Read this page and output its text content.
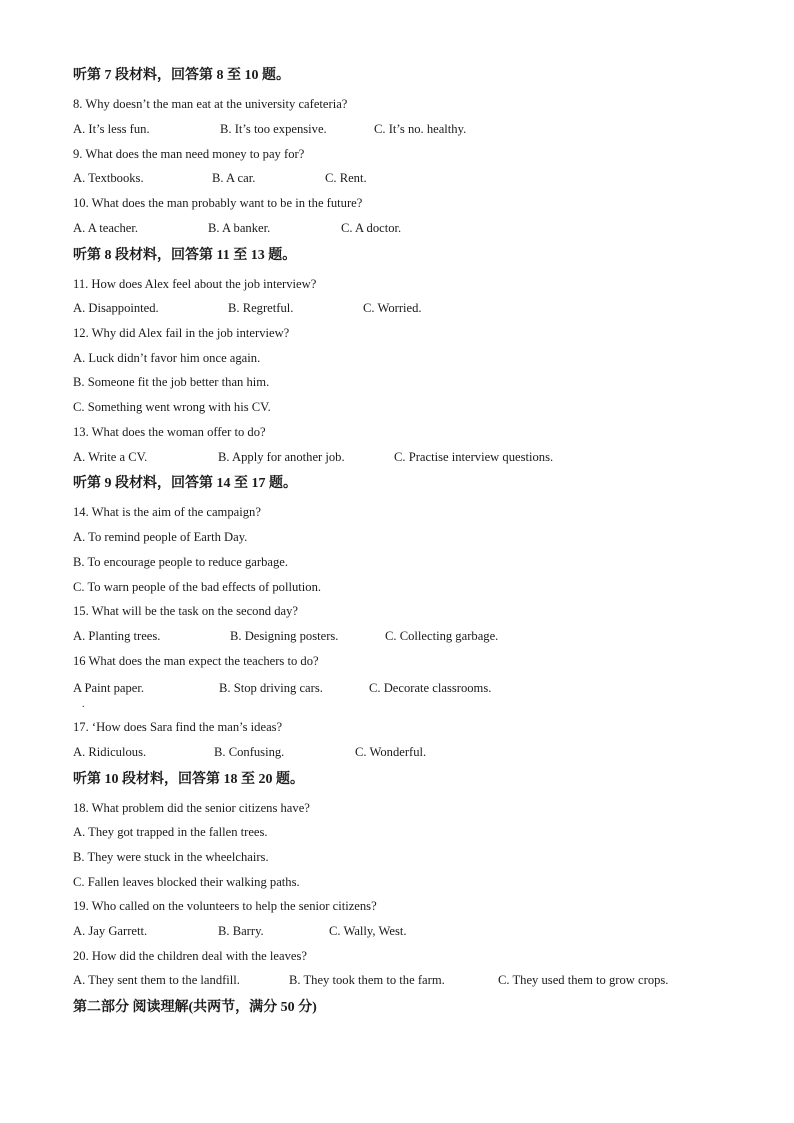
听第 7 段材料，回答第 8 至 10 题。
8. Why doesn’t the man eat at the university cafeteria?
A. It’s less fun.	B. It’s too expensive.	C. It’s no. healthy.
9. What does the man need money to pay for?
A. Textbooks.	B. A car.	C. Rent.
10. What does the man probably want to be in the future?
A. A teacher.	B. A banker.	C. A doctor.
听第 8 段材料，回答第 11 至 13 题。
11. How does Alex feel about the job interview?
A. Disappointed.	B. Regretful.	C. Worried.
12. Why did Alex fail in the job interview?
A. Luck didn’t favor him once again.
B. Someone fit the job better than him.
C. Something went wrong with his CV.
13. What does the woman offer to do?
A. Write a CV.	B. Apply for another job.	C. Practise interview questions.
听第 9 段材料，回答第 14 至 17 题。
14. What is the aim of the campaign?
A. To remind people of Earth Day.
B. To encourage people to reduce garbage.
C. To warn people of the bad effects of pollution.
15. What will be the task on the second day?
A. Planting trees.	B. Designing posters.	C. Collecting garbage.
16 What does the man expect the teachers to do?
A Paint paper.	B. Stop driving cars.	C. Decorate classrooms.
.
17. ‘How does Sara find the man’s ideas?
A. Ridiculous.	B. Confusing.	C. Wonderful.
听第 10 段材料，回答第 18 至 20 题。
18. What problem did the senior citizens have?
A. They got trapped in the fallen trees.
B. They were stuck in the wheelchairs.
C. Fallen leaves blocked their walking paths.
19. Who called on the volunteers to help the senior citizens?
A. Jay Garrett.	B. Barry.	C. Wally, West.
20. How did the children deal with the leaves?
A. They sent them to the landfill.	B. They took them to the farm.	C. They used them to grow crops.
第二部分 阅读理解(共两节，满分 50 分)
